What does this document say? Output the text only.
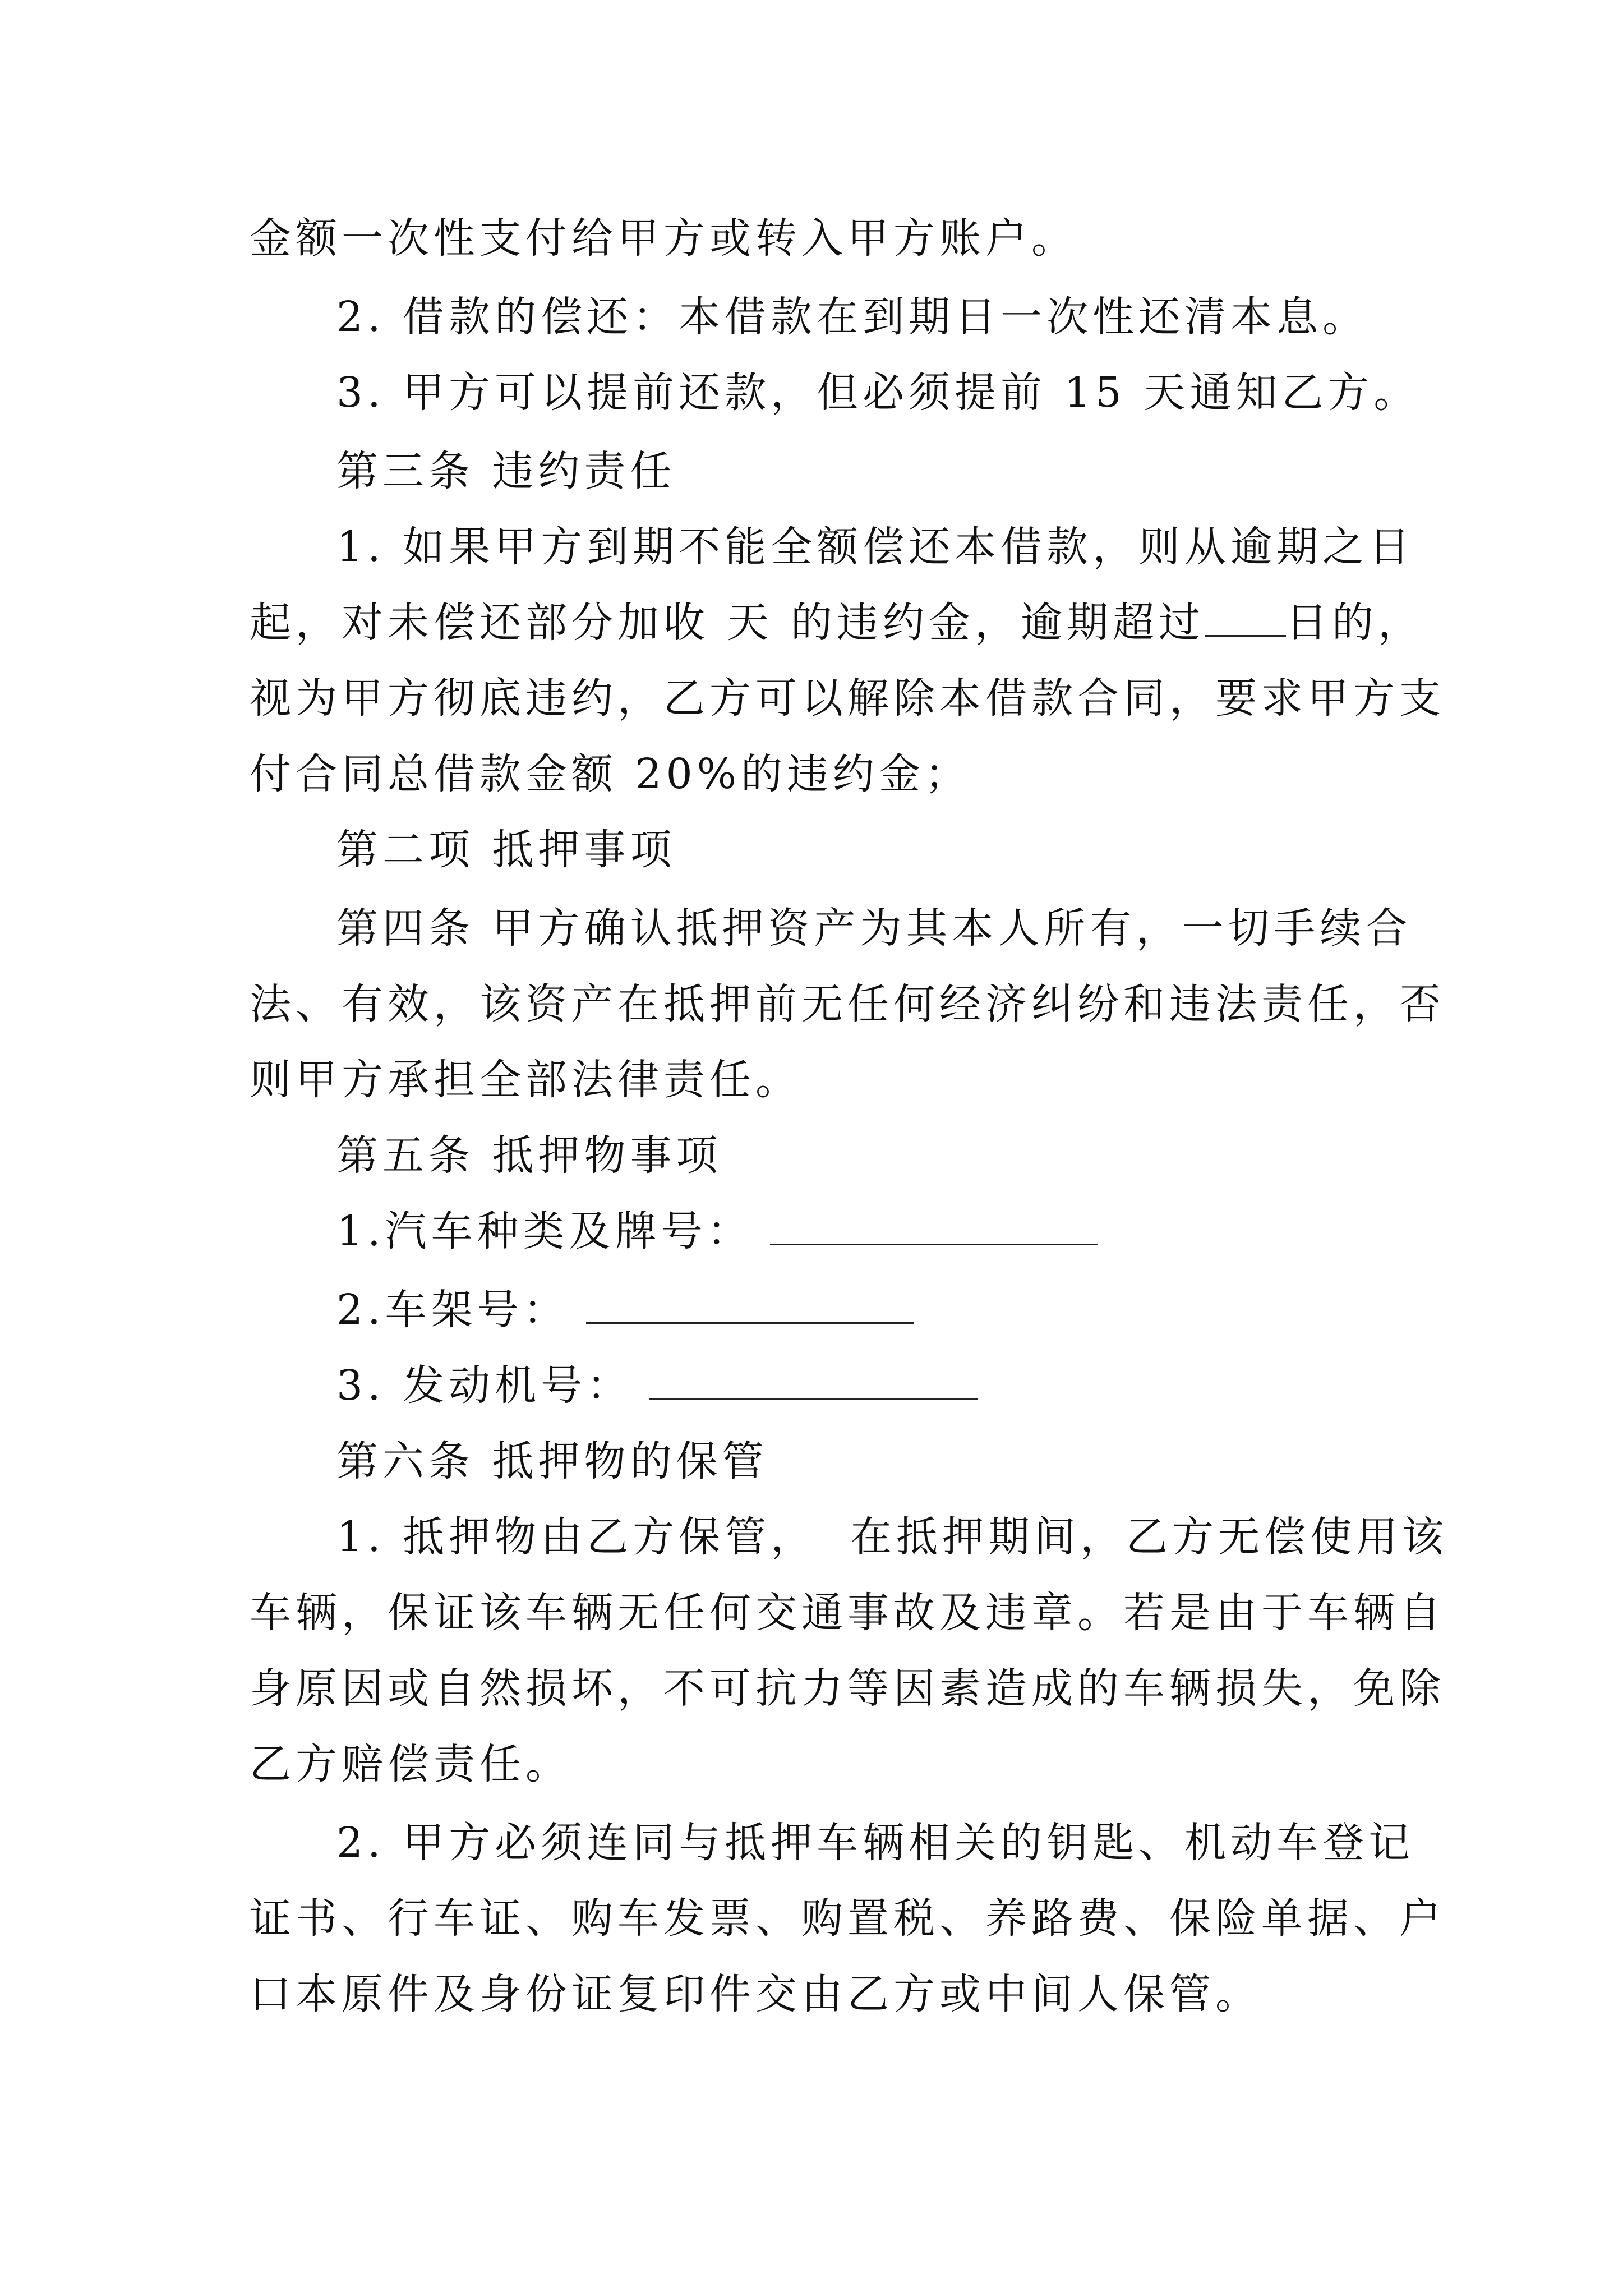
金额一次性支付给甲方或转入甲方账户。
2. 借款的偿还：本借款在到期日一次性还清本息。
3. 甲方可以提前还款，但必须提前 15 天通知乙方。
第三条 违约责任
1. 如果甲方到期不能全额偿还本借款，则从逾期之日
起，对未偿还部分加收 天 的违约金，逾期超过 日的，
视为甲方彻底违约，乙方可以解除本借款合同，要求甲方支
付合同总借款金额 20%的违约金；
第二项 抵押事项
第四条 甲方确认抵押资产为其本人所有，一切手续合
法、有效，该资产在抵押前无任何经济纠纷和违法责任，否
则甲方承担全部法律责任。
第五条 抵押物事项
1.汽车种类及牌号：
2.车架号：
3. 发动机号：
第六条 抵押物的保管
1. 抵押物由乙方保管， 在抵押期间，乙方无偿使用该
车辆，保证该车辆无任何交通事故及违章。若是由于车辆自
身原因或自然损坏，不可抗力等因素造成的车辆损失，免除
乙方赔偿责任。
2. 甲方必须连同与抵押车辆相关的钥匙、机动车登记
证书、行车证、购车发票、购置税、养路费、保险单据、户
口本原件及身份证复印件交由乙方或中间人保管。
